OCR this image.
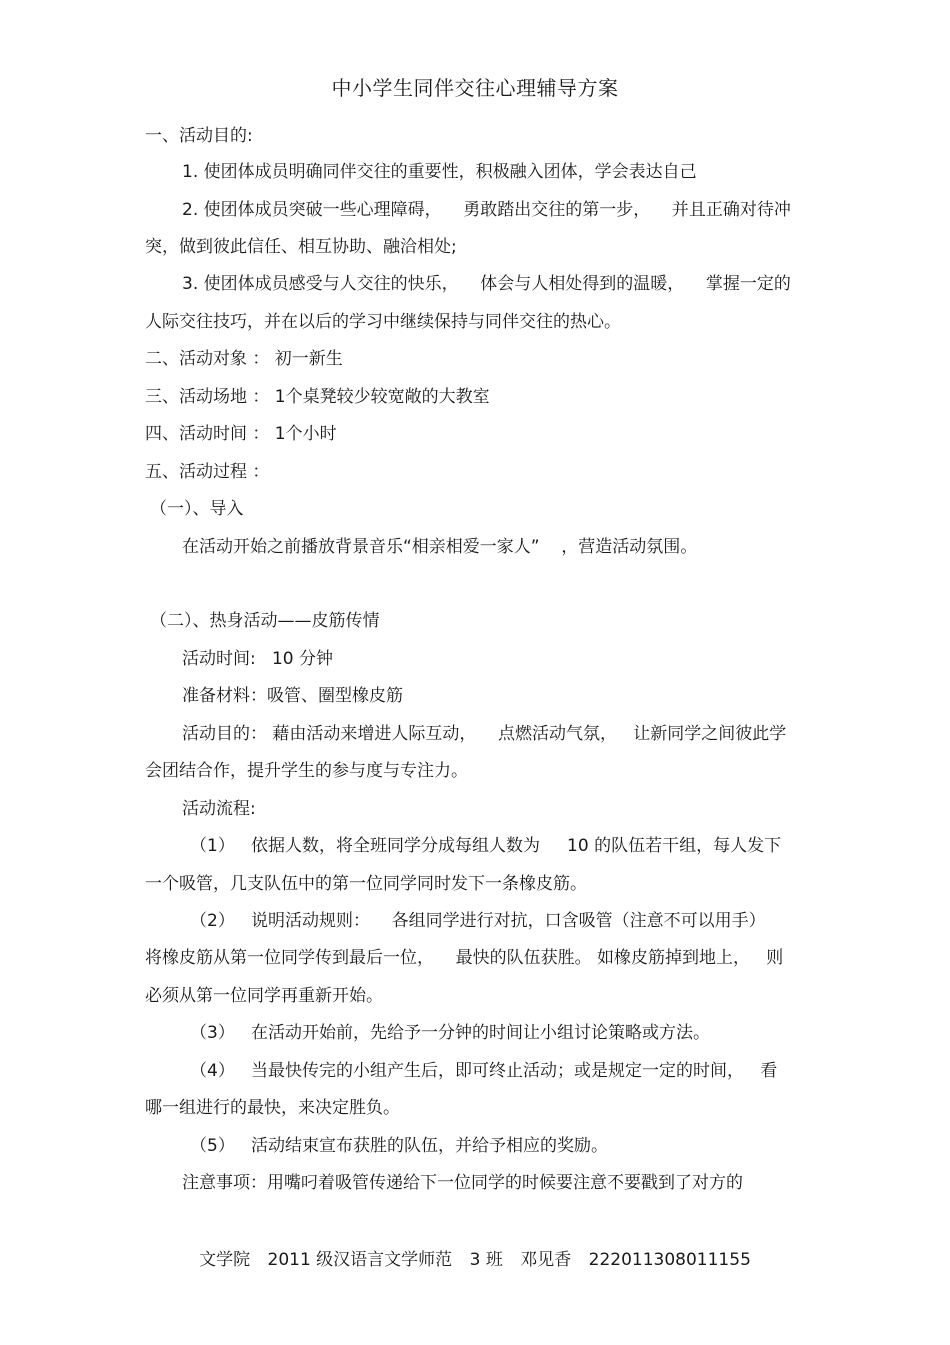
中小学生同伴交往心理辅导方案
一、活动目的:
1. 使团体成员明确同伴交往的重要性，积极融入团体，学会表达自己
2. 使团体成员突破一些心理障碍，    勇敢踏出交往的第一步，    并且正确对待冲
突，做到彼此信任、相互协助、融洽相处;
3. 使团体成员感受与人交往的快乐，    体会与人相处得到的温暖，    掌握一定的
人际交往技巧，并在以后的学习中继续保持与同伴交往的热心。
二、活动对象 ： 初一新生
三、活动场地 ： 1个桌凳较少较宽敞的大教室
四、活动时间 ： 1个小时
五、活动过程 ：
（一）、导入
在活动开始之前播放背景音乐“相亲相爱一家人”    ，营造活动氛围。
（二）、热身活动——皮筋传情
活动时间:   10 分钟
准备材料：吸管、圈型橡皮筋
活动目的： 藉由活动来增进人际互动，    点燃活动气氛，   让新同学之间彼此学
会团结合作，提升学生的参与度与专注力。
活动流程:
（1）   依据人数，将全班同学分成每组人数为     10 的队伍若干组，每人发下
一个吸管，几支队伍中的第一位同学同时发下一条橡皮筋。
（2）   说明活动规则：    各组同学进行对抗，口含吸管（注意不可以用手）
将橡皮筋从第一位同学传到最后一位，    最快的队伍获胜。 如橡皮筋掉到地上，   则
必须从第一位同学再重新开始。
（3）   在活动开始前，先给予一分钟的时间让小组讨论策略或方法。
（4）   当最快传完的小组产生后，即可终止活动；或是规定一定的时间，   看
哪一组进行的最快，来决定胜负。
（5）   活动结束宣布获胜的队伍，并给予相应的奖励。
注意事项：用嘴叼着吸管传递给下一位同学的时候要注意不要戳到了对方的
文学院 2011 级汉语言文学师范 3 班 邓见香 222011308011155
